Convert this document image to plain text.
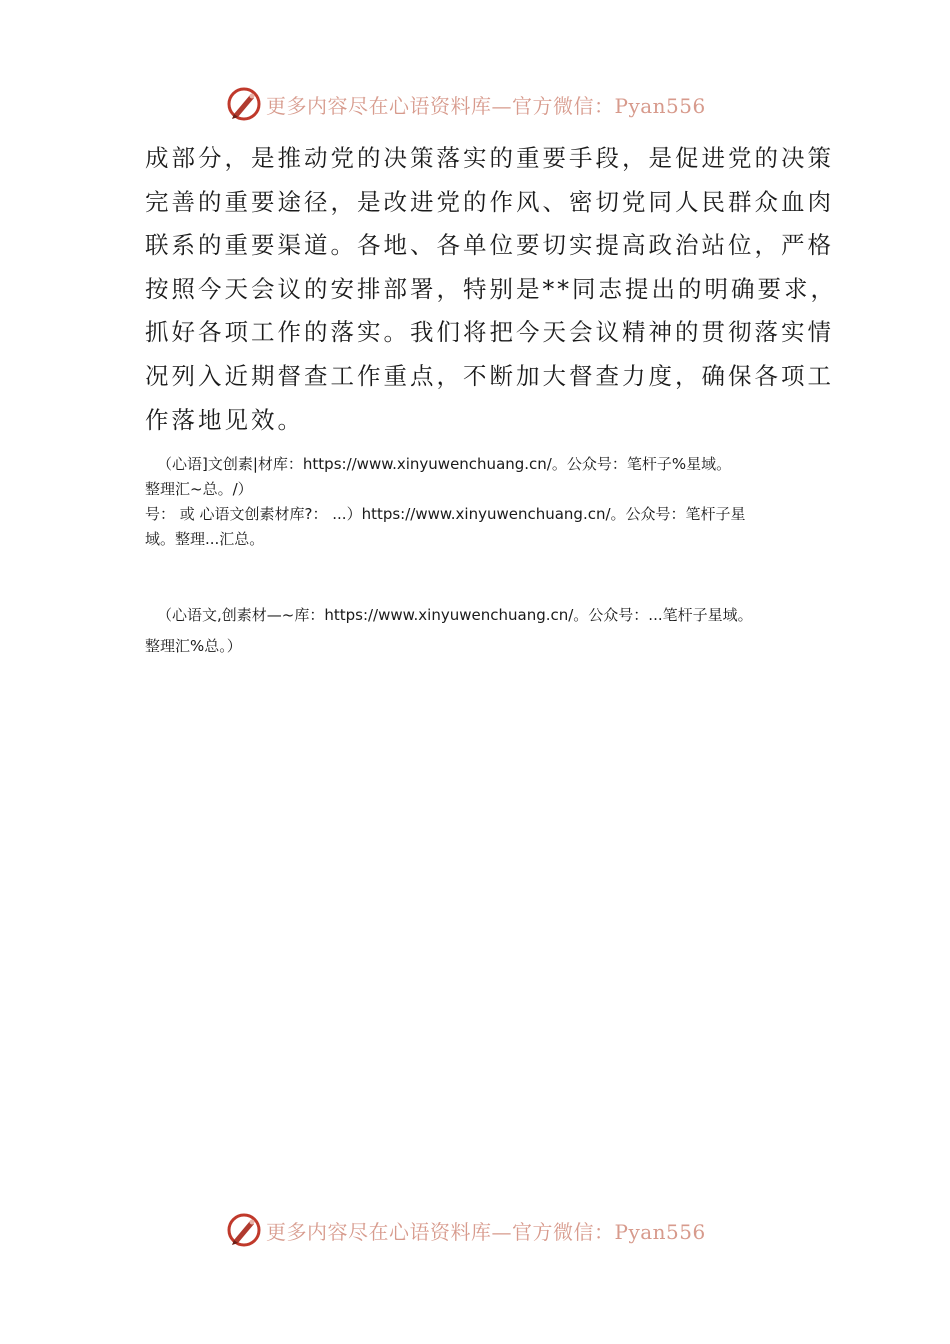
更多内容尽在心语资料库—官方微信：Pyan556
成部分，是推动党的决策落实的重要手段，是促进党的决策
完善的重要途径，是改进党的作风、密切党同人民群众血肉
联系的重要渠道。各地、各单位要切实提高政治站位，严格
按照今天会议的安排部署，特别是**同志提出的明确要求，
抓好各项工作的落实。我们将把今天会议精神的贯彻落实情
况列入近期督查工作重点，不断加大督查力度，确保各项工
作落地见效。
（心语]文创素|材库：https://www.xinyuwenchuang.cn/。公众号：笔杆子%星域。
整理汇~总。/）
号： 或 心语文创素材库?： ...）https://www.xinyuwenchuang.cn/。公众号：笔杆子星
域。整理...汇总。
（心语文,创素材—~库：https://www.xinyuwenchuang.cn/。公众号：...笔杆子星域。
整理汇%总。）
更多内容尽在心语资料库—官方微信：Pyan556
